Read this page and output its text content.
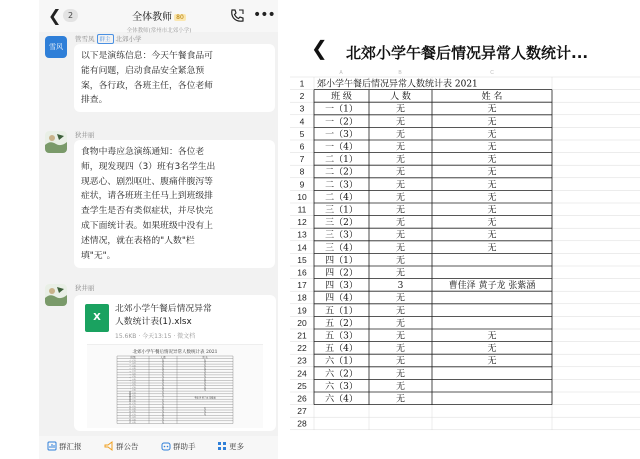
❮ 2	全体教师 80
全体教师(常州市北郊小学)
•••
雪风
管雪凤 群主 北郊小学
以下是演练信息：今天午餐食品可
能有问题，启动食品安全紧急预
案，各行政，各班主任，各位老师
排查。
狄井丽
食物中毒应急演练通知：各位老
师，现发现四（3）班有3名学生出
现恶心、剧烈呕吐、腹痛伴腹泻等
症状，请各班班主任马上到班级排
查学生是否有类似症状，并尽快完
成下面统计表。如果班级中没有上
述情况，就在表格的"人数"栏
填"无"。
狄井丽
X
北郊小学午餐后情况异常
人数统计表(1).xlsx
15.6KB · 今天13:15 · 微文档
北郊小学午餐后情况异常人数统计表 2021
班 级	人 数	姓 名
一（1）	无	无
一（2）	无	无
一（3）	无	无
一（4）	无	无
二（1）	无	无
二（2）	无	无
二（3）	无	无
二（4）	无	无
三（1）	无	无
三（2）	无	无
三（3）	无	无
三（4）	无	无
四（1）	无
四（2）	无
四（3）	3	曹佳泽 黄子龙 张紫涵
四（4）	无
五（1）	无
五（2）	无
五（3）	无	无
五（4）	无	无
六（1）	无	无
六（2）	无
六（3）	无
六（4）	无
群汇报	群公告	群助手	更多
❮ 北郊小学午餐后情况异常人数统计...
A	B	C
1
2
3
4
5
6
7
8
9
10
11
12
13
14
15
16
17
18
19
20
21
22
23
24
25
26
27
28
郊小学午餐后情况异常人数统计表 2021
班 级	人 数	姓 名
一（1）	无	无
一（2）	无	无
一（3）	无	无
一（4）	无	无
二（1）	无	无
二（2）	无	无
二（3）	无	无
二（4）	无	无
三（1）	无	无
三（2）	无	无
三（3）	无	无
三（4）	无	无
四（1）	无
四（2）	无
四（3）	3	曹佳泽 黄子龙 张紫涵
四（4）	无
五（1）	无
五（2）	无
五（3）	无	无
五（4）	无	无
六（1）	无	无
六（2）	无
六（3）	无
六（4）	无
